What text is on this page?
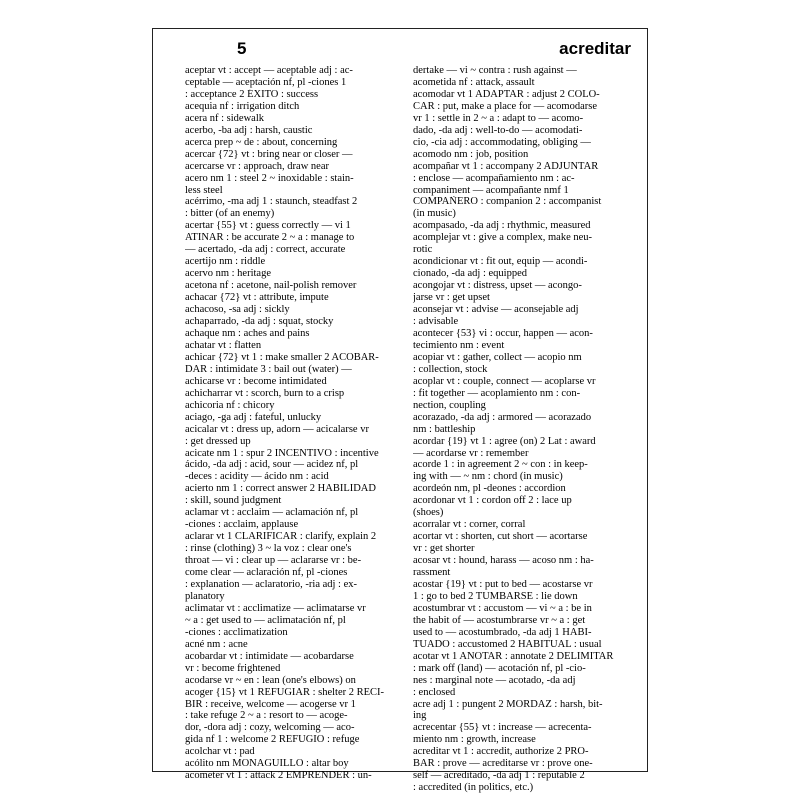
5	acreditar
aceptar vt : accept — aceptable adj : ac-
ceptable — aceptación nf, pl -ciones 1
: acceptance 2 ÉXITO : success
acequia nf : irrigation ditch
acera nf : sidewalk
acerbo, -ba adj : harsh, caustic
acerca prep ~ de : about, concerning
acercar {72} vt : bring near or closer —
acercarse vr : approach, draw near
acero nm 1 : steel 2 ~ inoxidable : stain-
less steel
acérrimo, -ma adj 1 : staunch, steadfast 2
: bitter (of an enemy)
acertar {55} vt : guess correctly — vi 1
ATINAR : be accurate 2 ~ a : manage to
— acertado, -da adj : correct, accurate
acertijo nm : riddle
acervo nm : heritage
acetona nf : acetone, nail-polish remover
achacar {72} vt : attribute, impute
achacoso, -sa adj : sickly
achaparrado, -da adj : squat, stocky
achaque nm : aches and pains
achatar vt : flatten
achicar {72} vt 1 : make smaller 2 ACOBAR-
DAR : intimidate 3 : bail out (water) —
achicarse vr : become intimidated
achicharrar vt : scorch, burn to a crisp
achicoria nf : chicory
aciago, -ga adj : fateful, unlucky
acicalar vt : dress up, adorn — acicalarse vr
: get dressed up
acicate nm 1 : spur 2 INCENTIVO : incentive
ácido, -da adj : acid, sour — acidez nf, pl
-deces : acidity — ácido nm : acid
acierto nm 1 : correct answer 2 HABILIDAD
: skill, sound judgment
aclamar vt : acclaim — aclamación nf, pl
-ciones : acclaim, applause
aclarar vt 1 CLARIFICAR : clarify, explain 2
: rinse (clothing) 3 ~ la voz : clear one's
throat — vi : clear up — aclararse vr : be-
come clear — aclaración nf, pl -ciones
: explanation — aclaratorio, -ria adj : ex-
planatory
aclimatar vt : acclimatize — aclimatarse vr
~ a : get used to — aclimatación nf, pl
-ciones : acclimatization
acné nm : acne
acobardar vt : intimidate — acobardarse
vr : become frightened
acodarse vr ~ en : lean (one's elbows) on
acoger {15} vt 1 REFUGIAR : shelter 2 RECI-
BIR : receive, welcome — acogerse vr 1
: take refuge 2 ~ a : resort to — acoge-
dor, -dora adj : cozy, welcoming — aco-
gida nf 1 : welcome 2 REFUGIO : refuge
acolchar vt : pad
acólito nm MONAGUILLO : altar boy
acometer vt 1 : attack 2 EMPRENDER : un-
dertake — vi ~ contra : rush against —
acometida nf : attack, assault
acomodar vt 1 ADAPTAR : adjust 2 COLO-
CAR : put, make a place for — acomodarse
vr 1 : settle in 2 ~ a : adapt to — acomo-
dado, -da adj : well-to-do — acomodati-
cio, -cia adj : accommodating, obliging —
acomodo nm : job, position
acompañar vt 1 : accompany 2 ADJUNTAR
: enclose — acompañamiento nm : ac-
companiment — acompañante nmf 1
COMPAÑERO : companion 2 : accompanist
(in music)
acompasado, -da adj : rhythmic, measured
acomplejar vt : give a complex, make neu-
rotic
acondicionar vt : fit out, equip — acondi-
cionado, -da adj : equipped
acongojar vt : distress, upset — acongo-
jarse vr : get upset
aconsejar vt : advise — aconsejable adj
: advisable
acontecer {53} vi : occur, happen — acon-
tecimiento nm : event
acopiar vt : gather, collect — acopio nm
: collection, stock
acoplar vt : couple, connect — acoplarse vr
: fit together — acoplamiento nm : con-
nection, coupling
acorazado, -da adj : armored — acorazado
nm : battleship
acordar {19} vt 1 : agree (on) 2 Lat : award
— acordarse vr : remember
acorde 1 : in agreement 2 ~ con : in keep-
ing with — ~ nm : chord (in music)
acordeón nm, pl -deones : accordion
acordonar vt 1 : cordon off 2 : lace up
(shoes)
acorralar vt : corner, corral
acortar vt : shorten, cut short — acortarse
vr : get shorter
acosar vt : hound, harass — acoso nm : ha-
rassment
acostar {19} vt : put to bed — acostarse vr
1 : go to bed 2 TUMBARSE : lie down
acostumbrar vt : accustom — vi ~ a : be in
the habit of — acostumbrarse vr ~ a : get
used to — acostumbrado, -da adj 1 HABI-
TUADO : accustomed 2 HABITUAL : usual
acotar vt 1 ANOTAR : annotate 2 DELIMITAR
: mark off (land) — acotación nf, pl -cio-
nes : marginal note — acotado, -da adj
: enclosed
acre adj 1 : pungent 2 MORDAZ : harsh, bit-
ing
acrecentar {55} vt : increase — acrecenta-
miento nm : growth, increase
acreditar vt 1 : accredit, authorize 2 PRO-
BAR : prove — acreditarse vr : prove one-
self — acreditado, -da adj 1 : reputable 2
: accredited (in politics, etc.)
